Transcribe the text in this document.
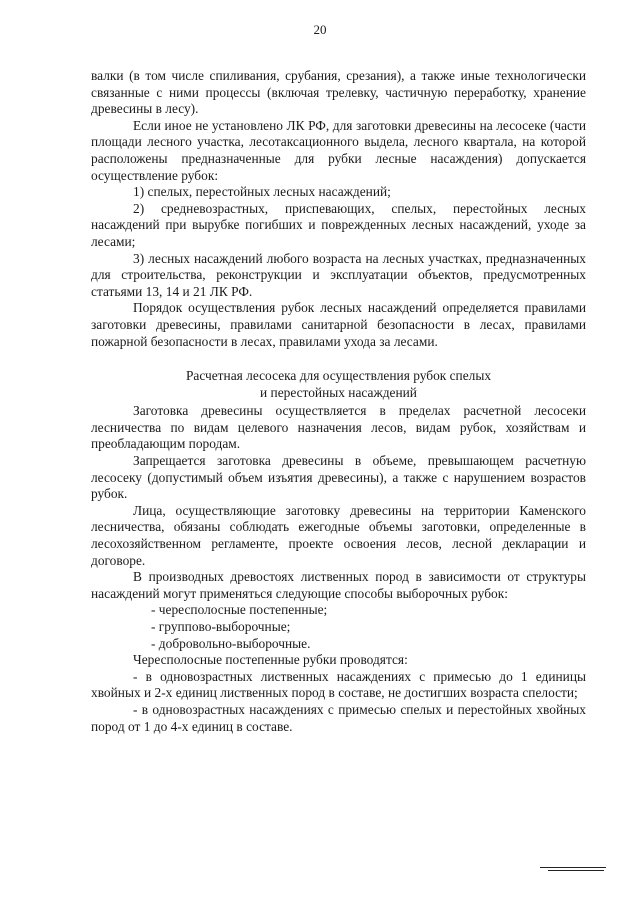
20

валки (в том числе спиливания, срубания, срезания), а также иные технологически связанные с ними процессы (включая трелевку, частичную переработку, хранение древесины в лесу).

Если иное не установлено ЛК РФ, для заготовки древесины на лесосеке (части площади лесного участка, лесотаксационного выдела, лесного квартала, на которой расположены предназначенные для рубки лесные насаждения) допускается осуществление рубок:

1) спелых, перестойных лесных насаждений;

2) средневозрастных, приспевающих, спелых, перестойных лесных насаждений при вырубке погибших и поврежденных лесных насаждений, уходе за лесами;

3) лесных насаждений любого возраста на лесных участках, предназначенных для строительства, реконструкции и эксплуатации объектов, предусмотренных статьями 13, 14 и 21 ЛК РФ.

Порядок осуществления рубок лесных насаждений определяется правилами заготовки древесины, правилами санитарной безопасности в лесах, правилами пожарной безопасности в лесах, правилами ухода за лесами.

Расчетная лесосека для осуществления рубок спелых
и перестойных насаждений

Заготовка древесины осуществляется в пределах расчетной лесосеки лесничества по видам целевого назначения лесов, видам рубок, хозяйствам и преобладающим породам.

Запрещается заготовка древесины в объеме, превышающем расчетную лесосеку (допустимый объем изъятия древесины), а также с нарушением возрастов рубок.

Лица, осуществляющие заготовку древесины на территории Каменского лесничества, обязаны соблюдать ежегодные объемы заготовки, определенные в лесохозяйственном регламенте, проекте освоения лесов, лесной декларации и договоре.

В производных древостоях лиственных пород в зависимости от структуры насаждений могут применяться следующие способы выборочных рубок:

- чересполосные постепенные;

- группово-выборочные;

- добровольно-выборочные.

Чересполосные постепенные рубки проводятся:

- в одновозрастных лиственных насаждениях с примесью до 1 единицы хвойных и 2-х единиц лиственных пород в составе, не достигших возраста спелости;

- в одновозрастных насаждениях с примесью спелых и перестойных хвойных пород от 1 до 4-х единиц в составе.
